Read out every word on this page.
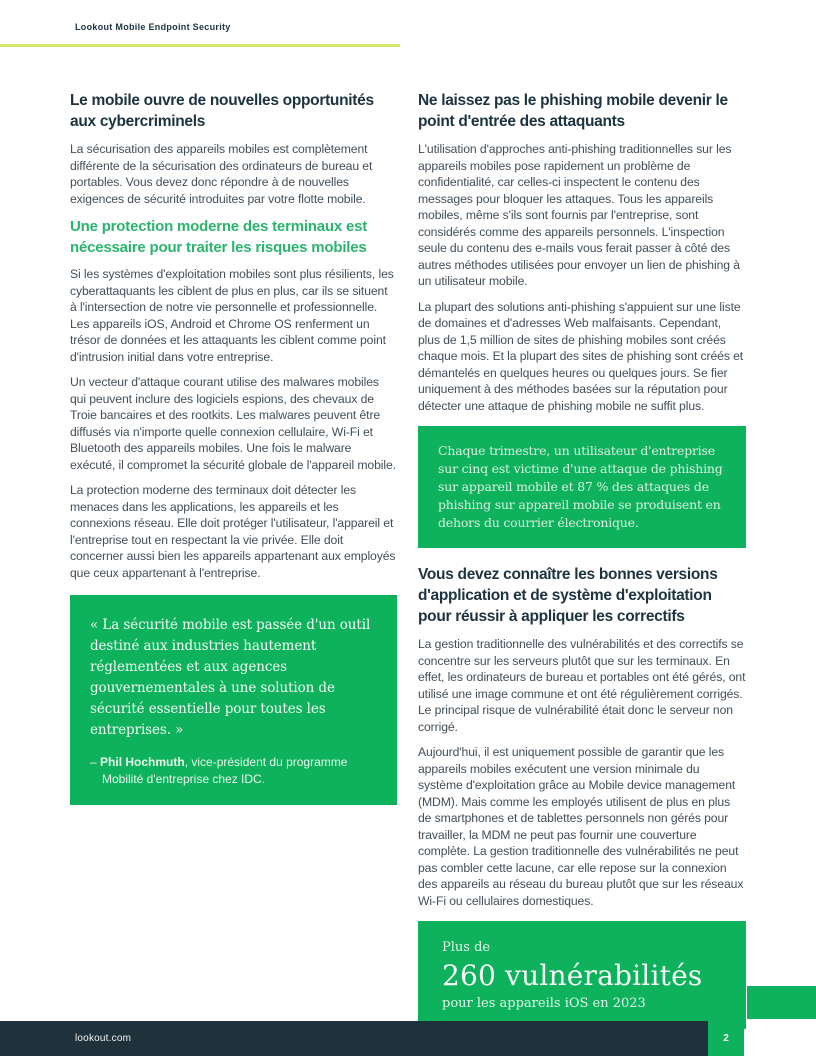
Lookout Mobile Endpoint Security
Le mobile ouvre de nouvelles opportunités aux cybercriminels

La sécurisation des appareils mobiles est complètement différente de la sécurisation des ordinateurs de bureau et portables. Vous devez donc répondre à de nouvelles exigences de sécurité introduites par votre flotte mobile.

Une protection moderne des terminaux est nécessaire pour traiter les risques mobiles

Si les systèmes d'exploitation mobiles sont plus résilients, les cyberattaquants les ciblent de plus en plus, car ils se situent à l'intersection de notre vie personnelle et professionnelle. Les appareils iOS, Android et Chrome OS renferment un trésor de données et les attaquants les ciblent comme point d'intrusion initial dans votre entreprise.

Un vecteur d'attaque courant utilise des malwares mobiles qui peuvent inclure des logiciels espions, des chevaux de Troie bancaires et des rootkits. Les malwares peuvent être diffusés via n'importe quelle connexion cellulaire, Wi-Fi et Bluetooth des appareils mobiles. Une fois le malware exécuté, il compromet la sécurité globale de l'appareil mobile.

La protection moderne des terminaux doit détecter les menaces dans les applications, les appareils et les connexions réseau. Elle doit protéger l'utilisateur, l'appareil et l'entreprise tout en respectant la vie privée. Elle doit concerner aussi bien les appareils appartenant aux employés que ceux appartenant à l'entreprise.

« La sécurité mobile est passée d'un outil destiné aux industries hautement réglementées et aux agences gouvernementales à une solution de sécurité essentielle pour toutes les entreprises. »

– Phil Hochmuth, vice-président du programme Mobilité d'entreprise chez IDC.

Ne laissez pas le phishing mobile devenir le point d'entrée des attaquants

L'utilisation d'approches anti-phishing traditionnelles sur les appareils mobiles pose rapidement un problème de confidentialité, car celles-ci inspectent le contenu des messages pour bloquer les attaques. Tous les appareils mobiles, même s'ils sont fournis par l'entreprise, sont considérés comme des appareils personnels. L'inspection seule du contenu des e-mails vous ferait passer à côté des autres méthodes utilisées pour envoyer un lien de phishing à un utilisateur mobile.

La plupart des solutions anti-phishing s'appuient sur une liste de domaines et d'adresses Web malfaisants. Cependant, plus de 1,5 million de sites de phishing mobiles sont créés chaque mois. Et la plupart des sites de phishing sont créés et démantelés en quelques heures ou quelques jours. Se fier uniquement à des méthodes basées sur la réputation pour détecter une attaque de phishing mobile ne suffit plus.

Chaque trimestre, un utilisateur d'entreprise sur cinq est victime d'une attaque de phishing sur appareil mobile et 87 % des attaques de phishing sur appareil mobile se produisent en dehors du courrier électronique.
Vous devez connaître les bonnes versions d'application et de système d'exploitation pour réussir à appliquer les correctifs

La gestion traditionnelle des vulnérabilités et des correctifs se concentre sur les serveurs plutôt que sur les terminaux. En effet, les ordinateurs de bureau et portables ont été gérés, ont utilisé une image commune et ont été régulièrement corrigés. Le principal risque de vulnérabilité était donc le serveur non corrigé.

Aujourd'hui, il est uniquement possible de garantir que les appareils mobiles exécutent une version minimale du système d'exploitation grâce au Mobile device management (MDM). Mais comme les employés utilisent de plus en plus de smartphones et de tablettes personnels non gérés pour travailler, la MDM ne peut pas fournir une couverture complète. La gestion traditionnelle des vulnérabilités ne peut pas combler cette lacune, car elle repose sur la connexion des appareils au réseau du bureau plutôt que sur les réseaux Wi-Fi ou cellulaires domestiques.

Plus de
260 vulnérabilités
pour les appareils iOS en 2023
lookout.com	2
